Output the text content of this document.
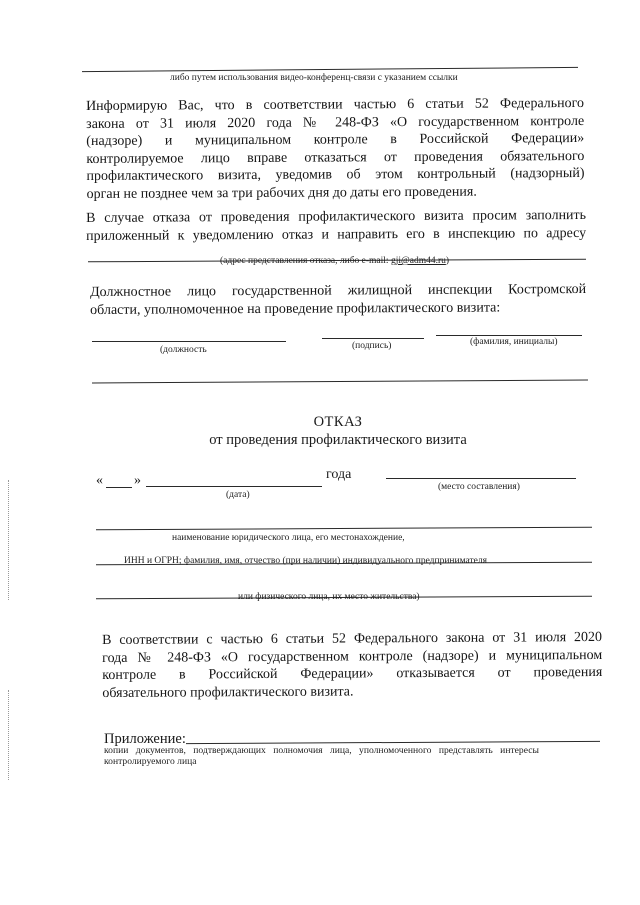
либо путем использования видео-конференц-связи с указанием ссылки
Информирую Вас, что в соответствии частью 6 статьи 52 Федерального
закона от 31 июля 2020 года № 248-ФЗ «О государственном контроле
(надзоре) и муниципальном контроле в Российской Федерации»
контролируемое лицо вправе отказаться от проведения обязательного
профилактического визита, уведомив об этом контрольный (надзорный)
орган не позднее чем за три рабочих дня до даты его проведения.
В случае отказа от проведения профилактического визита просим заполнить
приложенный к уведомлению отказ и направить его в инспекцию по адресу
(адрес представления отказа, либо e-mail: gji@adm44.ru)
Должностное лицо государственной жилищной инспекции Костромской
области, уполномоченное на проведение профилактического визита:
(должность	(подпись)	(фамилия, инициалы)
ОТКАЗ
от проведения профилактического визита
« »	года
(дата)
(место составления)
наименование юридического лица, его местонахождение,
ИНН и ОГРН; фамилия, имя, отчество (при наличии) индивидуального предпринимателя
или физического лица, их место жительства)
В соответствии с частью 6 статьи 52 Федерального закона от 31 июля 2020
года № 248-ФЗ «О государственном контроле (надзоре) и муниципальном
контроле в Российской Федерации» отказывается от проведения
обязательного профилактического визита.
Приложение:
копии документов, подтверждающих полномочия лица, уполномоченного представлять интересы
контролируемого лица
